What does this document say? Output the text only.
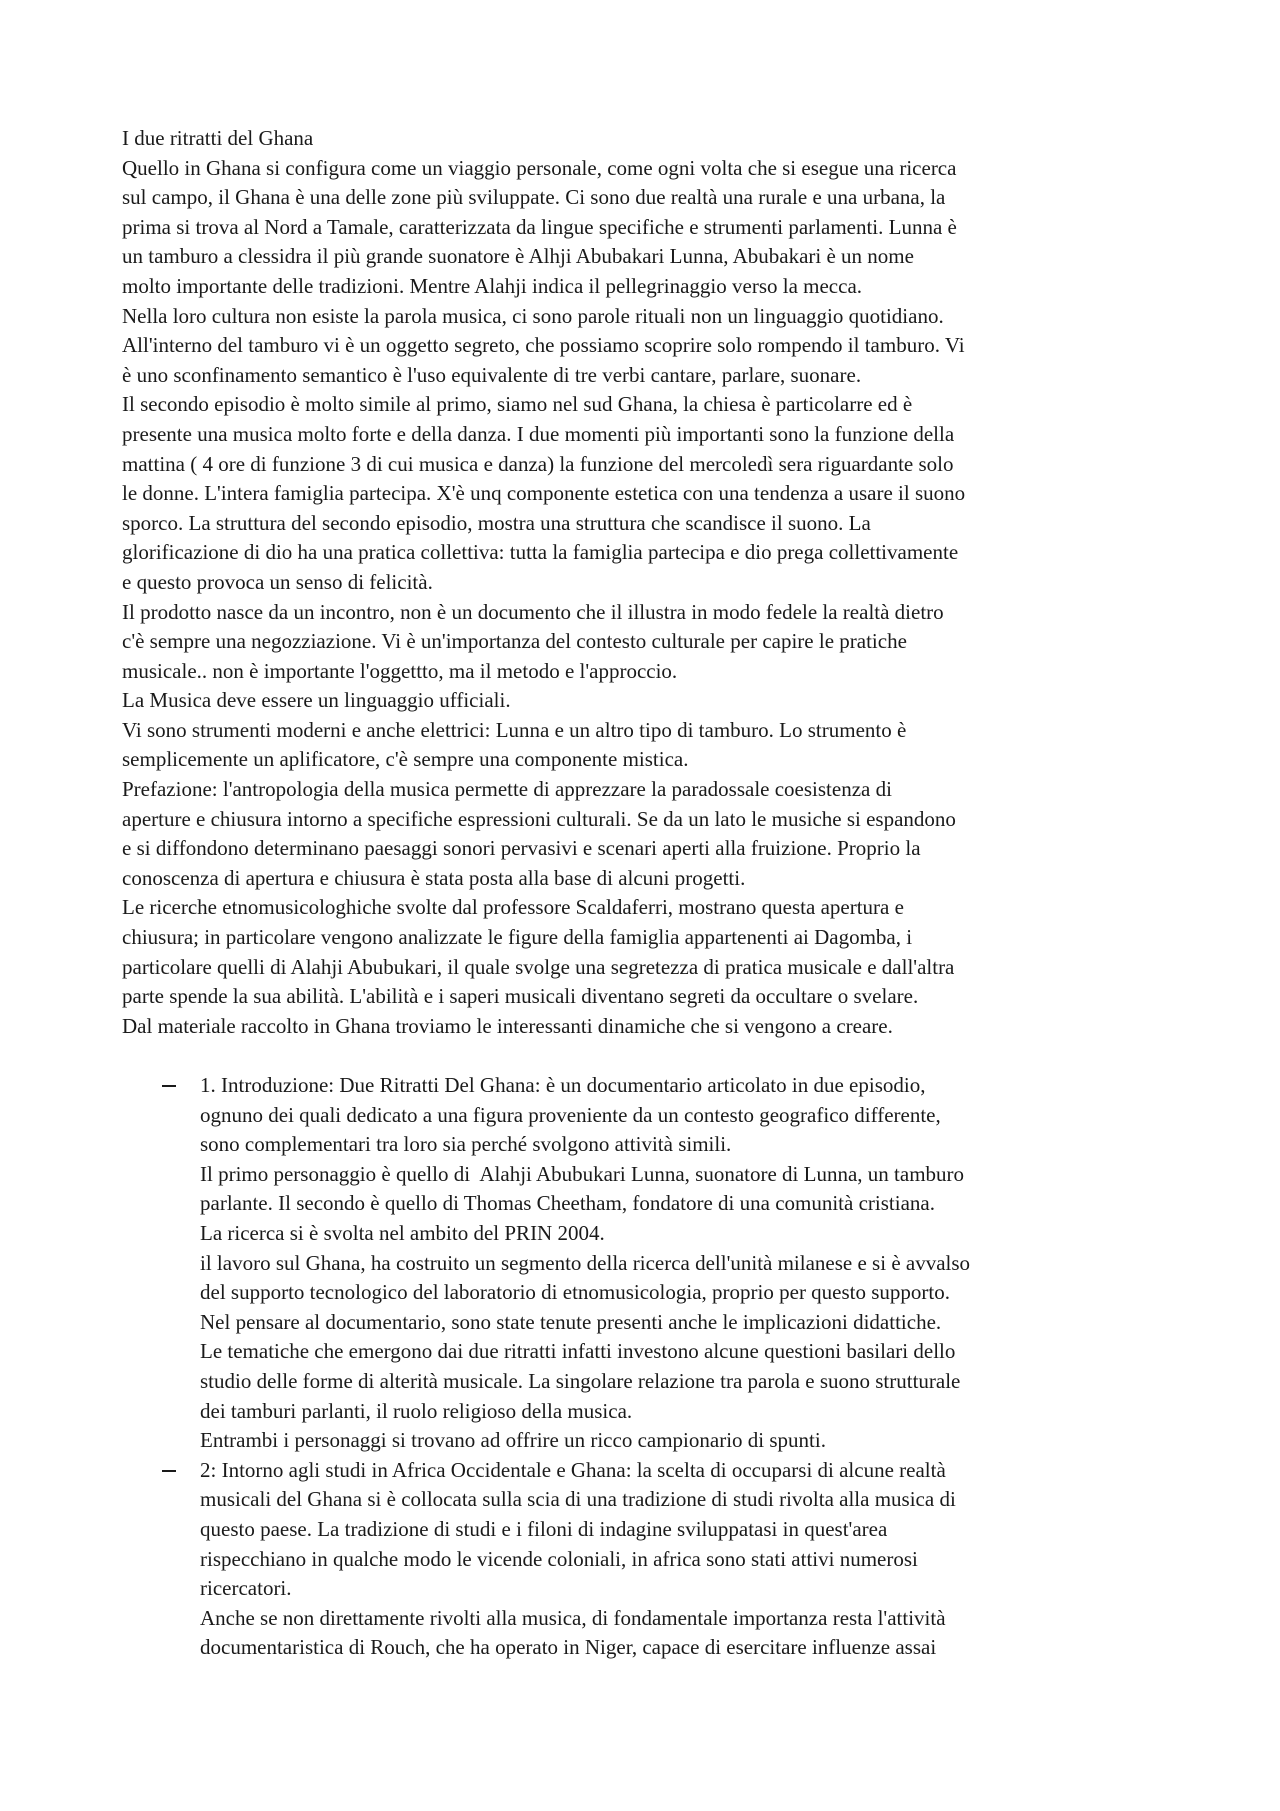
I due ritratti del Ghana
Quello in Ghana si configura come un viaggio personale, come ogni volta che si esegue una ricerca
sul campo, il Ghana è una delle zone più sviluppate. Ci sono due realtà una rurale e una urbana, la
prima si trova al Nord a Tamale, caratterizzata da lingue specifiche e strumenti parlamenti. Lunna è
un tamburo a clessidra il più grande suonatore è Alhji Abubakari Lunna, Abubakari è un nome
molto importante delle tradizioni. Mentre Alahji indica il pellegrinaggio verso la mecca.
Nella loro cultura non esiste la parola musica, ci sono parole rituali non un linguaggio quotidiano.
All'interno del tamburo vi è un oggetto segreto, che possiamo scoprire solo rompendo il tamburo. Vi
è uno sconfinamento semantico è l'uso equivalente di tre verbi cantare, parlare, suonare.
Il secondo episodio è molto simile al primo, siamo nel sud Ghana, la chiesa è particolarre ed è
presente una musica molto forte e della danza. I due momenti più importanti sono la funzione della
mattina ( 4 ore di funzione 3 di cui musica e danza) la funzione del mercoledì sera riguardante solo
le donne. L'intera famiglia partecipa. X'è unq componente estetica con una tendenza a usare il suono
sporco. La struttura del secondo episodio, mostra una struttura che scandisce il suono. La
glorificazione di dio ha una pratica collettiva: tutta la famiglia partecipa e dio prega collettivamente
e questo provoca un senso di felicità.
Il prodotto nasce da un incontro, non è un documento che il illustra in modo fedele la realtà dietro
c'è sempre una negozziazione. Vi è un'importanza del contesto culturale per capire le pratiche
musicale.. non è importante l'oggettto, ma il metodo e l'approccio.
La Musica deve essere un linguaggio ufficiali.
Vi sono strumenti moderni e anche elettrici: Lunna e un altro tipo di tamburo. Lo strumento è
semplicemente un aplificatore, c'è sempre una componente mistica.
Prefazione: l'antropologia della musica permette di apprezzare la paradossale coesistenza di
aperture e chiusura intorno a specifiche espressioni culturali. Se da un lato le musiche si espandono
e si diffondono determinano paesaggi sonori pervasivi e scenari aperti alla fruizione. Proprio la
conoscenza di apertura e chiusura è stata posta alla base di alcuni progetti.
Le ricerche etnomusicologhiche svolte dal professore Scaldaferri, mostrano questa apertura e
chiusura; in particolare vengono analizzate le figure della famiglia appartenenti ai Dagomba, i
particolare quelli di Alahji Abubukari, il quale svolge una segretezza di pratica musicale e dall'altra
parte spende la sua abilità. L'abilità e i saperi musicali diventano segreti da occultare o svelare.
Dal materiale raccolto in Ghana troviamo le interessanti dinamiche che si vengono a creare.
1. Introduzione: Due Ritratti Del Ghana: è un documentario articolato in due episodio,
ognuno dei quali dedicato a una figura proveniente da un contesto geografico differente,
sono complementari tra loro sia perché svolgono attività simili.
Il primo personaggio è quello di  Alahji Abubukari Lunna, suonatore di Lunna, un tamburo
parlante. Il secondo è quello di Thomas Cheetham, fondatore di una comunità cristiana.
La ricerca si è svolta nel ambito del PRIN 2004.
il lavoro sul Ghana, ha costruito un segmento della ricerca dell'unità milanese e si è avvalso
del supporto tecnologico del laboratorio di etnomusicologia, proprio per questo supporto.
Nel pensare al documentario, sono state tenute presenti anche le implicazioni didattiche.
Le tematiche che emergono dai due ritratti infatti investono alcune questioni basilari dello
studio delle forme di alterità musicale. La singolare relazione tra parola e suono strutturale
dei tamburi parlanti, il ruolo religioso della musica.
Entrambi i personaggi si trovano ad offrire un ricco campionario di spunti.
2: Intorno agli studi in Africa Occidentale e Ghana: la scelta di occuparsi di alcune realtà
musicali del Ghana si è collocata sulla scia di una tradizione di studi rivolta alla musica di
questo paese. La tradizione di studi e i filoni di indagine sviluppatasi in quest'area
rispecchiano in qualche modo le vicende coloniali, in africa sono stati attivi numerosi
ricercatori.
Anche se non direttamente rivolti alla musica, di fondamentale importanza resta l'attività
documentaristica di Rouch, che ha operato in Niger, capace di esercitare influenze assai
